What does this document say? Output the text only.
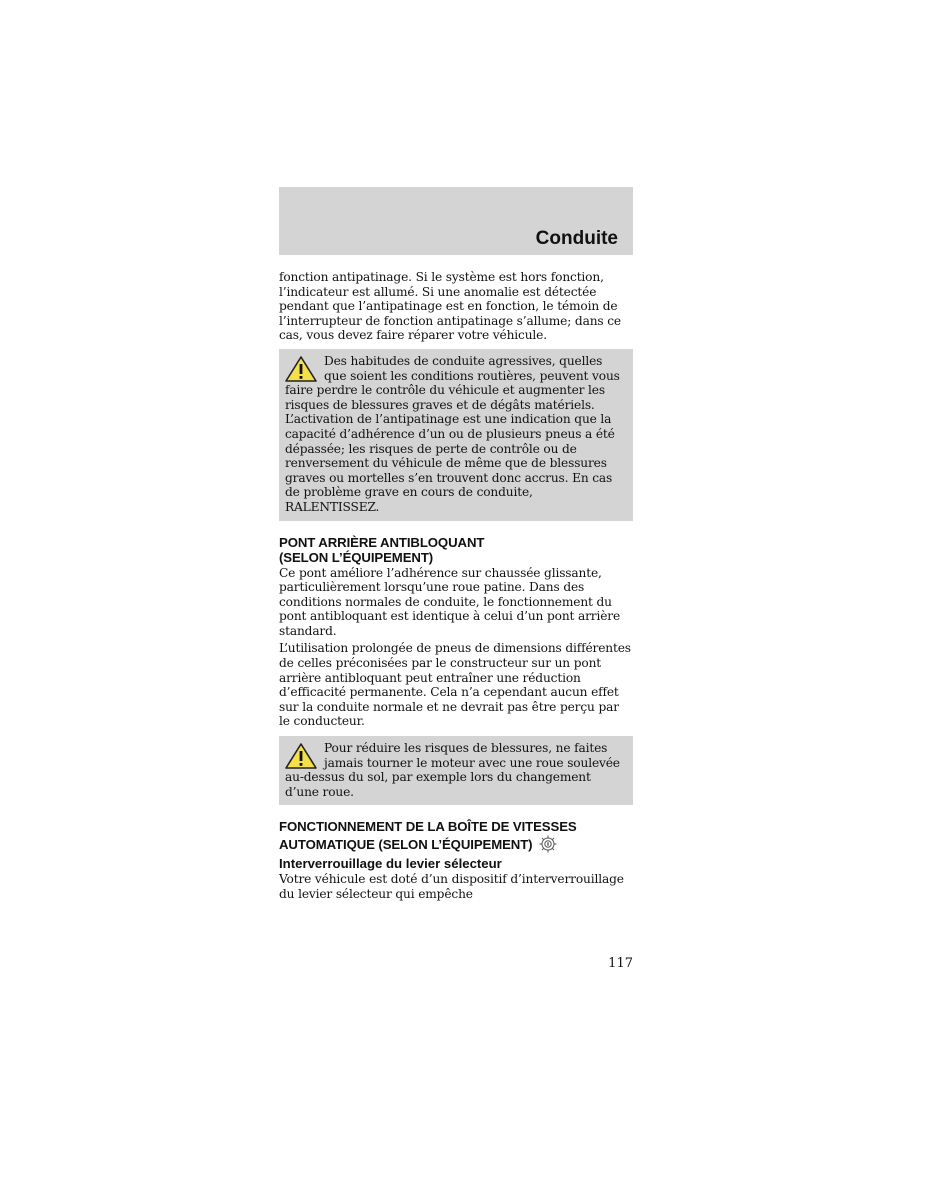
Conduite

fonction antipatinage. Si le système est hors fonction, l’indicateur est allumé. Si une anomalie est détectée pendant que l’antipatinage est en fonction, le témoin de l’interrupteur de fonction antipatinage s’allume; dans ce cas, vous devez faire réparer votre véhicule.

Des habitudes de conduite agressives, quelles que soient les conditions routières, peuvent vous faire perdre le contrôle du véhicule et augmenter les risques de blessures graves et de dégâts matériels. L’activation de l’antipatinage est une indication que la capacité d’adhérence d’un ou de plusieurs pneus a été dépassée; les risques de perte de contrôle ou de renversement du véhicule de même que de blessures graves ou mortelles s’en trouvent donc accrus. En cas de problème grave en cours de conduite, RALENTISSEZ.

PONT ARRIÈRE ANTIBLOQUANT

(SELON L’ÉQUIPEMENT)

Ce pont améliore l’adhérence sur chaussée glissante, particulièrement lorsqu’une roue patine. Dans des conditions normales de conduite, le fonctionnement du pont antibloquant est identique à celui d’un pont arrière standard.

L’utilisation prolongée de pneus de dimensions différentes de celles préconisées par le constructeur sur un pont arrière antibloquant peut entraîner une réduction d’efficacité permanente. Cela n’a cependant aucun effet sur la conduite normale et ne devrait pas être perçu par le conducteur.

Pour réduire les risques de blessures, ne faites jamais tourner le moteur avec une roue soulevée au-dessus du sol, par exemple lors du changement d’une roue.

FONCTIONNEMENT DE LA BOÎTE DE VITESSES

AUTOMATIQUE (SELON L’ÉQUIPEMENT)

Interverrouillage du levier sélecteur

Votre véhicule est doté d’un dispositif d’interverrouillage du levier sélecteur qui empêche

117
